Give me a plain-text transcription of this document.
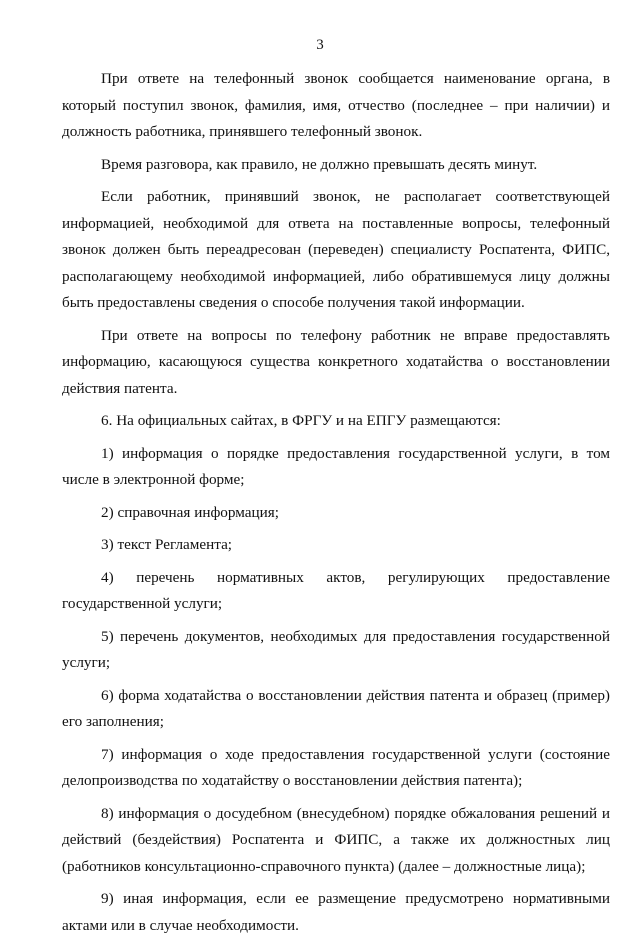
3

При ответе на телефонный звонок сообщается наименование органа, в который поступил звонок, фамилия, имя, отчество (последнее – при наличии) и должность работника, принявшего телефонный звонок.

Время разговора, как правило, не должно превышать десять минут.

Если работник, принявший звонок, не располагает соответствующей информацией, необходимой для ответа на поставленные вопросы, телефонный звонок должен быть переадресован (переведен) специалисту Роспатента, ФИПС, располагающему необходимой информацией, либо обратившемуся лицу должны быть предоставлены сведения о способе получения такой информации.

При ответе на вопросы по телефону работник не вправе предоставлять информацию, касающуюся существа конкретного ходатайства о восстановлении действия патента.

6. На официальных сайтах, в ФРГУ и на ЕПГУ размещаются:

1) информация о порядке предоставления государственной услуги, в том числе в электронной форме;

2) справочная информация;

3) текст Регламента;

4) перечень нормативных актов, регулирующих предоставление государственной услуги;

5) перечень документов, необходимых для предоставления государственной услуги;

6) форма ходатайства о восстановлении действия патента и образец (пример) его заполнения;

7) информация о ходе предоставления государственной услуги (состояние делопроизводства по ходатайству о восстановлении действия патента);

8) информация о досудебном (внесудебном) порядке обжалования решений и действий (бездействия) Роспатента и ФИПС, а также их должностных лиц (работников консультационно-справочного пункта) (далее – должностные лица);

9) иная информация, если ее размещение предусмотрено нормативными актами или в случае необходимости.
